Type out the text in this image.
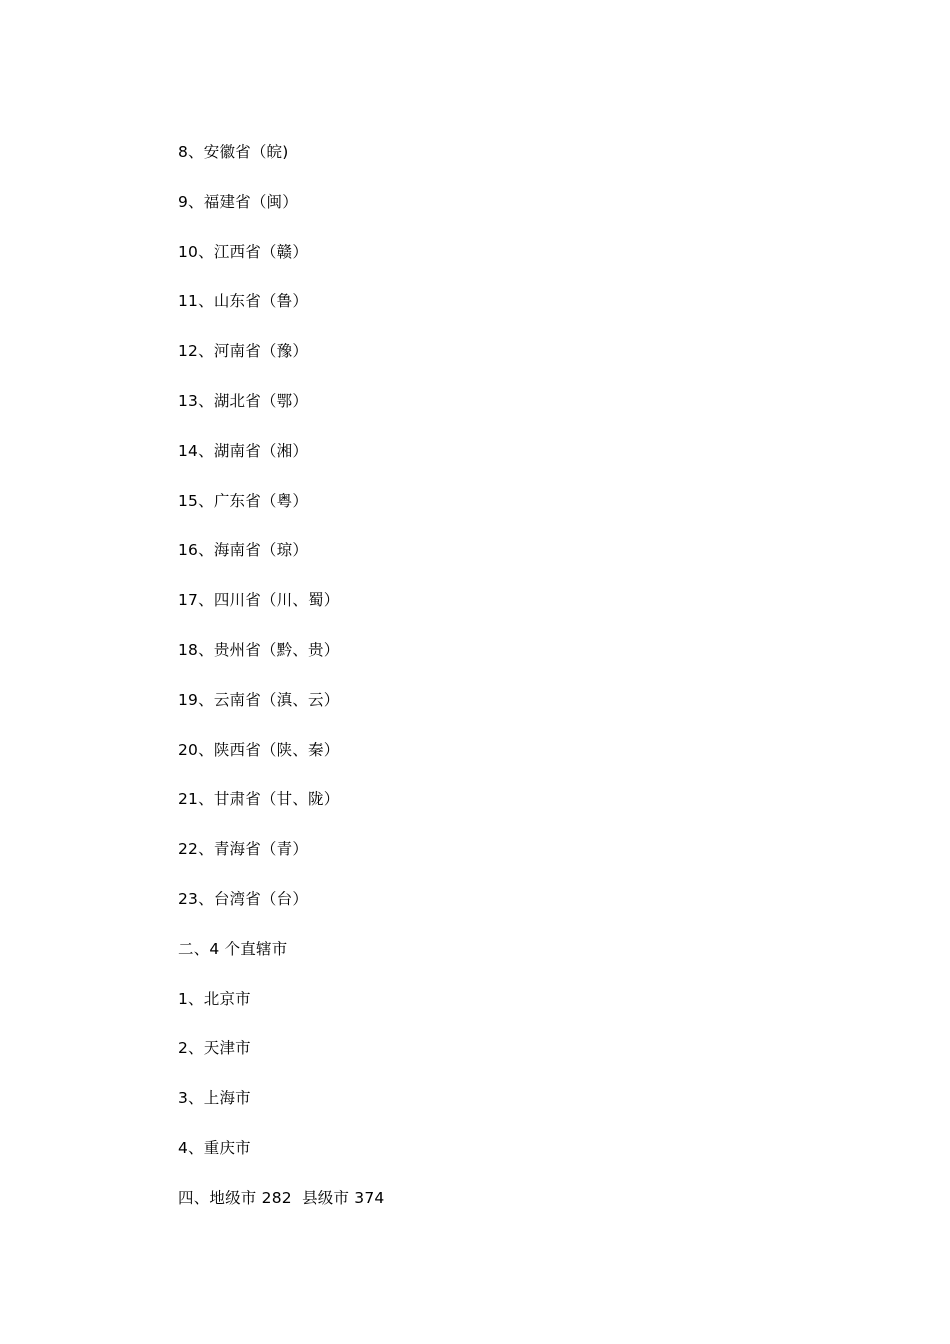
8、安徽省（皖)
9、福建省（闽）
10、江西省（赣）
11、山东省（鲁）
12、河南省（豫）
13、湖北省（鄂）
14、湖南省（湘）
15、广东省（粤）
16、海南省（琼）
17、四川省（川、蜀）
18、贵州省（黔、贵）
19、云南省（滇、云）
20、陕西省（陕、秦）
21、甘肃省（甘、陇）
22、青海省（青）
23、台湾省（台）
二、4 个直辖市
1、北京市
2、天津市
3、上海市
4、重庆市
四、地级市 282  县级市 374
